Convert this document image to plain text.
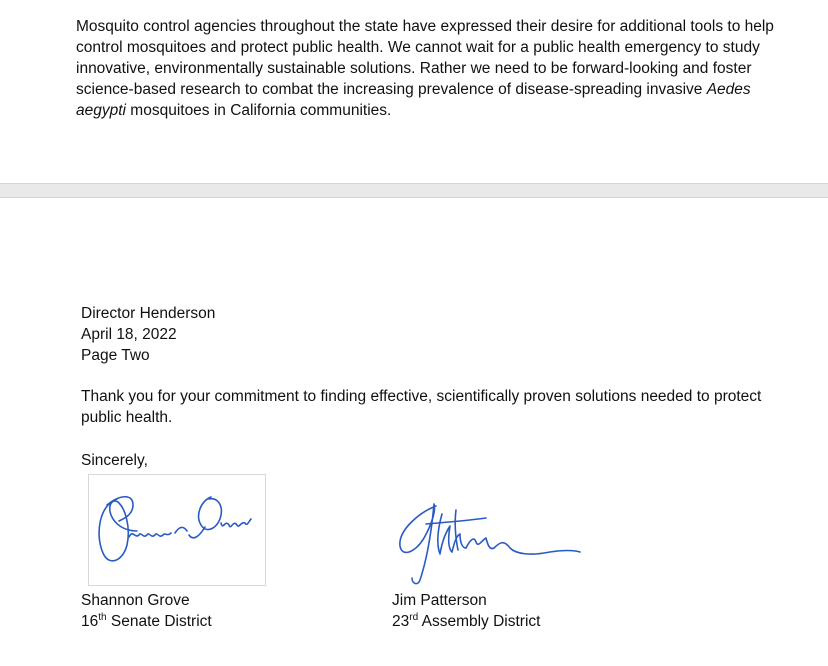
Mosquito control agencies throughout the state have expressed their desire for additional tools to help control mosquitoes and protect public health. We cannot wait for a public health emergency to study innovative, environmentally sustainable solutions. Rather we need to be forward-looking and foster science-based research to combat the increasing prevalence of disease-spreading invasive Aedes aegypti mosquitoes in California communities.

Director Henderson
April 18, 2022
Page Two

Thank you for your commitment to finding effective, scientifically proven solutions needed to protect public health.

Sincerely,
Shannon Grove
16th Senate District
Jim Patterson
23rd Assembly District
